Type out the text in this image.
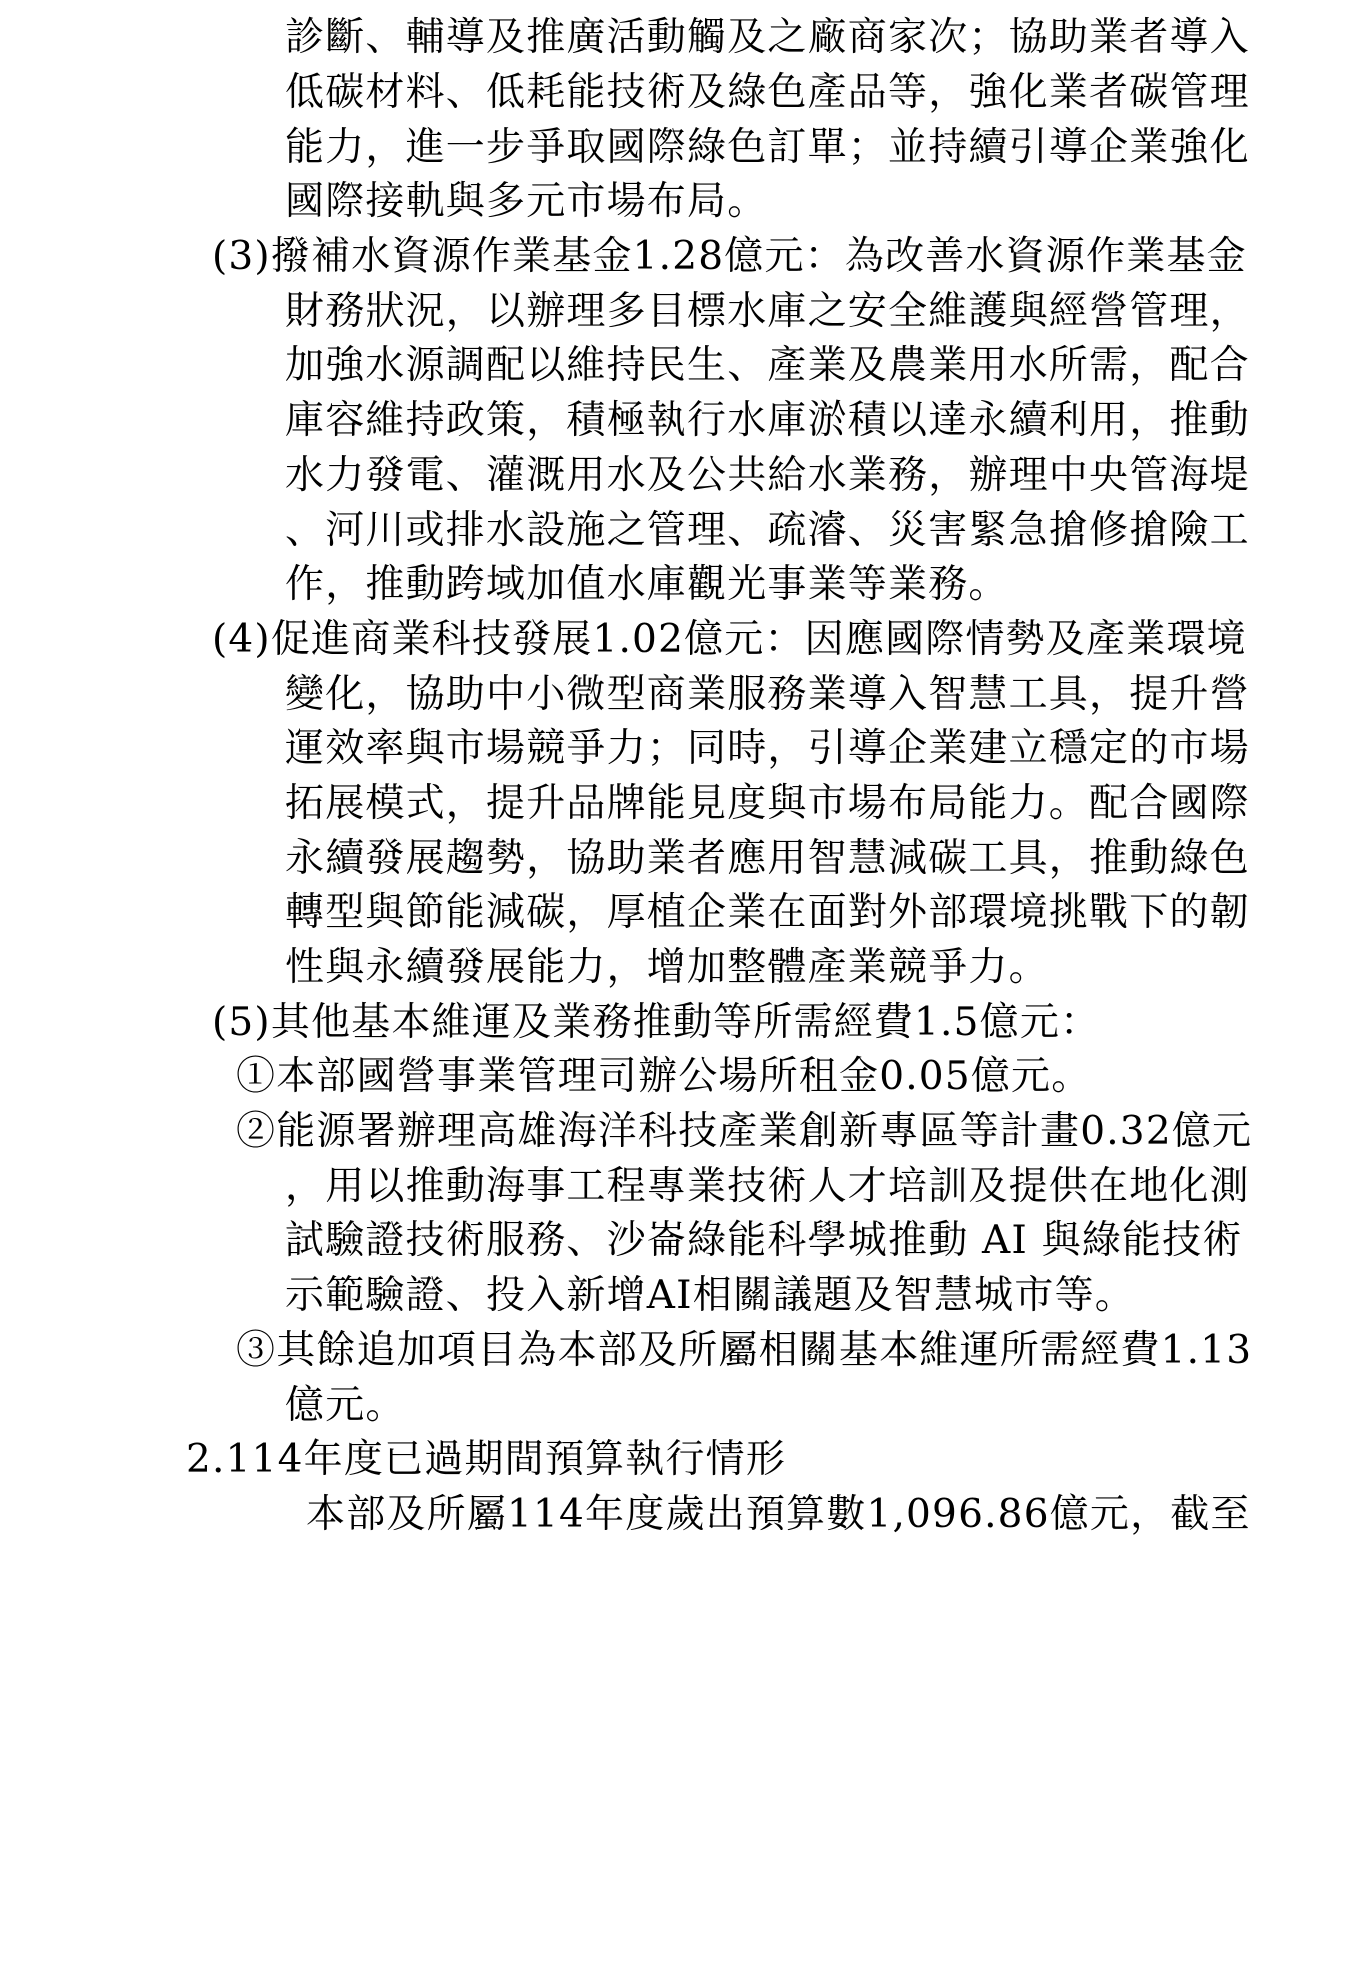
診斷、輔導及推廣活動觸及之廠商家次；協助業者導入
低碳材料、低耗能技術及綠色產品等，強化業者碳管理
能力，進一步爭取國際綠色訂單；並持續引導企業強化
國際接軌與多元市場布局。
(3)撥補水資源作業基金1.28億元：為改善水資源作業基金
財務狀況，以辦理多目標水庫之安全維護與經營管理，
加強水源調配以維持民生、產業及農業用水所需，配合
庫容維持政策，積極執行水庫淤積以達永續利用，推動
水力發電、灌溉用水及公共給水業務，辦理中央管海堤
、河川或排水設施之管理、疏濬、災害緊急搶修搶險工
作，推動跨域加值水庫觀光事業等業務。
(4)促進商業科技發展1.02億元：因應國際情勢及產業環境
變化，協助中小微型商業服務業導入智慧工具，提升營
運效率與市場競爭力；同時，引導企業建立穩定的市場
拓展模式，提升品牌能見度與市場布局能力。配合國際
永續發展趨勢，協助業者應用智慧減碳工具，推動綠色
轉型與節能減碳，厚植企業在面對外部環境挑戰下的韌
性與永續發展能力，增加整體產業競爭力。
(5)其他基本維運及業務推動等所需經費1.5億元：
①本部國營事業管理司辦公場所租金0.05億元。
②能源署辦理高雄海洋科技產業創新專區等計畫0.32億元
，用以推動海事工程專業技術人才培訓及提供在地化測
試驗證技術服務、沙崙綠能科學城推動 AI 與綠能技術
示範驗證、投入新增AI相關議題及智慧城市等。
③其餘追加項目為本部及所屬相關基本維運所需經費1.13
億元。
2.114年度已過期間預算執行情形
本部及所屬114年度歲出預算數1,096.86億元，截至
